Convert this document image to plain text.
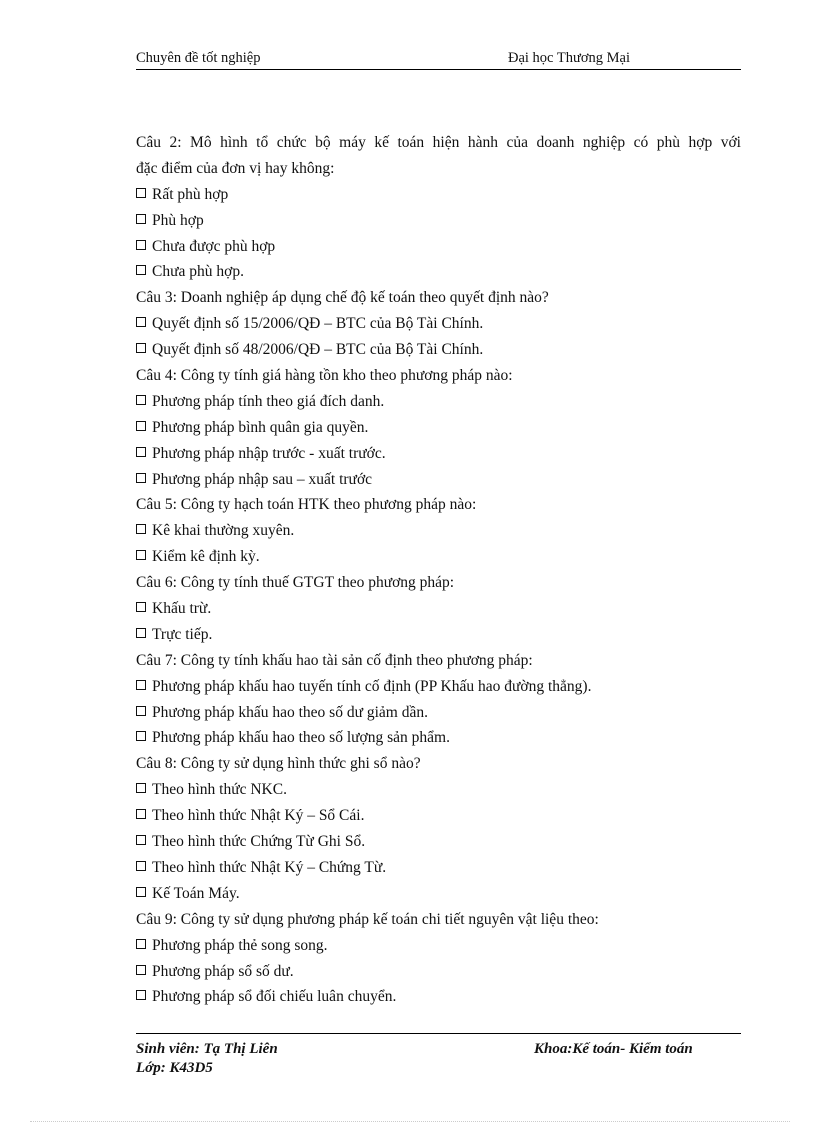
Chuyên đề tốt nghiệp	Đại học Thương Mại
Câu 2: Mô hình tổ chức bộ máy kế toán hiện hành của doanh nghiệp có phù hợp với
đặc điểm của đơn vị hay không:
Rất phù hợp
Phù hợp
Chưa được phù hợp
Chưa phù hợp.
Câu 3: Doanh nghiệp áp dụng chế độ kế toán theo quyết định nào?
Quyết định số 15/2006/QĐ – BTC của Bộ Tài Chính.
Quyết định số 48/2006/QĐ – BTC của Bộ Tài Chính.
Câu 4: Công ty tính giá hàng tồn kho theo phương pháp nào:
Phương pháp tính theo giá đích danh.
Phương pháp bình quân gia quyền.
Phương pháp nhập trước - xuất trước.
Phương pháp nhập sau – xuất trước
Câu 5: Công ty hạch toán HTK theo phương pháp nào:
Kê khai thường xuyên.
Kiểm kê định kỳ.
Câu 6: Công ty tính thuế GTGT theo phương pháp:
Khấu trừ.
Trực tiếp.
Câu 7: Công ty tính khấu hao tài sản cố định theo phương pháp:
Phương pháp khấu hao tuyến tính cố định (PP Khấu hao đường thẳng).
Phương pháp khấu hao theo số dư giảm dần.
Phương pháp khấu hao theo số lượng sản phẩm.
Câu 8: Công ty sử dụng hình thức ghi sổ nào?
Theo hình thức NKC.
Theo hình thức Nhật Ký – Sổ Cái.
Theo hình thức Chứng Từ Ghi Sổ.
Theo hình thức Nhật Ký – Chứng Từ.
Kế Toán Máy.
Câu 9: Công ty sử dụng phương pháp kế toán chi tiết nguyên vật liệu theo:
Phương pháp thẻ song song.
Phương pháp sổ số dư.
Phương pháp sổ đối chiếu luân chuyển.
Sinh viên: Tạ Thị Liên
Lớp: K43D5
Khoa:Kế toán- Kiểm toán
